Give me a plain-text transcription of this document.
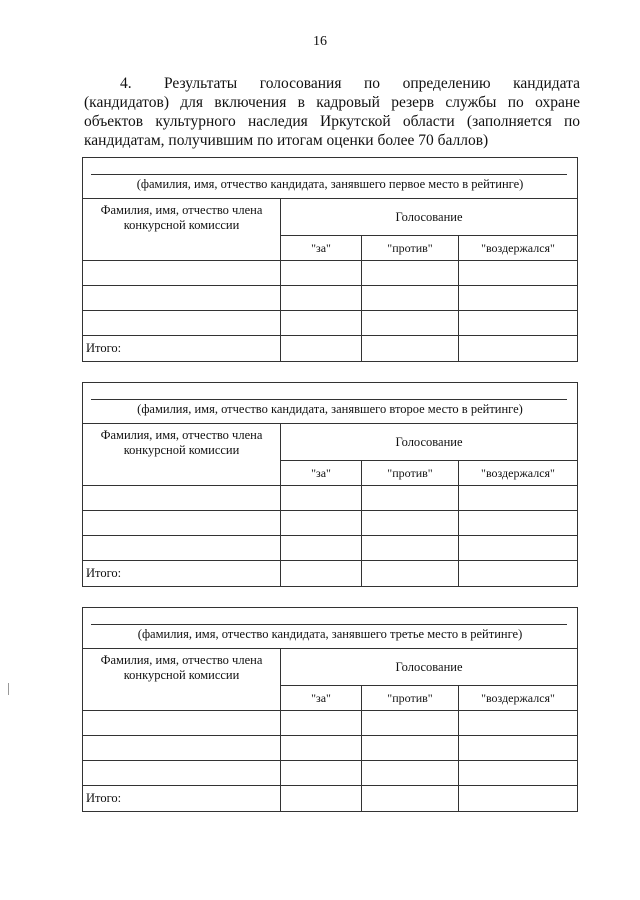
16
4. Результаты голосования по определению кандидата (кандидатов) для включения в кадровый резерв службы по охране объектов культурного наследия Иркутской области (заполняется по кандидатам, получившим по итогам оценки более 70 баллов)
(фамилия, имя, отчество кандидата, занявшего первое место в рейтинге)			

Фамилия, имя, отчество члена конкурсной комиссии	Голосование		
	"за"	"против"	"воздержался"

Итого:			
(фамилия, имя, отчество кандидата, занявшего второе место в рейтинге)			

Фамилия, имя, отчество члена конкурсной комиссии	Голосование		
	"за"	"против"	"воздержался"

Итого:			
(фамилия, имя, отчество кандидата, занявшего третье место в рейтинге)			

Фамилия, имя, отчество члена конкурсной комиссии	Голосование		
	"за"	"против"	"воздержался"

Итого:			
